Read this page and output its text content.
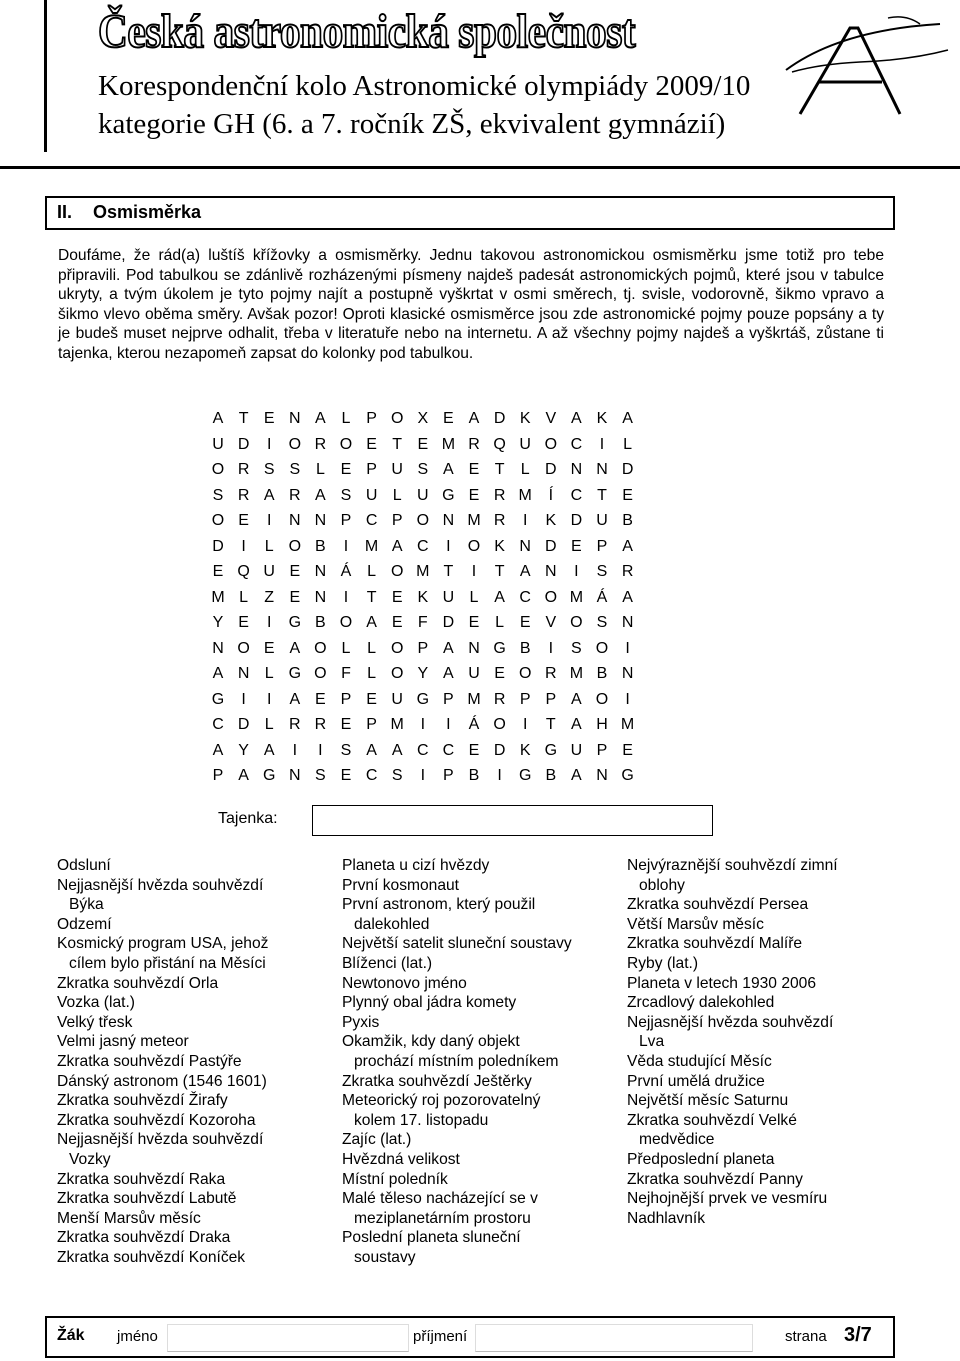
Česká astronomická společnost
Korespondenční kolo Astronomické olympiády 2009/10
kategorie GH (6. a 7. ročník ZŠ, ekvivalent gymnázií)
II. Osmisměrka

Doufáme, že rád(a) luštíš křížovky a osmisměrky. Jednu takovou astronomickou osmisměrku jsme totiž pro tebe připravili. Pod tabulkou se zdánlivě rozházenými písmeny najdeš padesát astronomických pojmů, které jsou v tabulce ukryty, a tvým úkolem je tyto pojmy najít a postupně vyškrtat v osmi směrech, tj. svisle, vodorovně, šikmo vpravo a šikmo vlevo oběma směry. Avšak pozor! Oproti klasické osmisměrce jsou zde astronomické pojmy pouze popsány a ty je budeš muset nejprve odhalit, třeba v literatuře nebo na internetu. A až všechny pojmy najdeš a vyškrtáš, zůstane ti tajenka, kterou nezapomeň zapsat do kolonky pod tabulkou.

A T E N A L P O X E A D K V A K A
U D	I	O R O E T E M R Q U O C	I	L
O R S S L E P U S A E T	L D N N D
S R A R A S U L U G E R M	Í	C T E
O E	I	N N P C P O N M R	I	K D U B
D	I	L O B	I	M A C	I	O K N D E P A
E Q U E N Á L O M T	I	T A N	I	S R
M L	Z E N	I	T E K U L A C O M Á A
Y E	I	G B O A E F D E L E V O S N
N O E A O L	L O P A N G B	I	S O	I
A N L G O F	L O Y A U E O R M B N
G	I	I	A E P E U G P M R P P A O	I
C D L R R E P M	I	I	Á O	I	T A H M
A Y A	I	I	S A A C C E D K G U P E
P A G N S E C S	I	P B	I	G B A N G
Tajenka:
Odsluní
Nejjasnější hvězda souhvězdí
Býka
Odzemí
Kosmický program USA, jehož
cílem bylo přistání na Měsíci
Zkratka souhvězdí Orla
Vozka (lat.)
Velký třesk
Velmi jasný meteor
Zkratka souhvězdí Pastýře
Dánský astronom (1546 1601)
Zkratka souhvězdí Žirafy
Zkratka souhvězdí Kozoroha
Nejjasnější hvězda souhvězdí
Vozky
Zkratka souhvězdí Raka
Zkratka souhvězdí Labutě
Menší Marsův měsíc
Zkratka souhvězdí Draka
Zkratka souhvězdí Koníček
Planeta u cizí hvězdy
První kosmonaut
První astronom, který použil
dalekohled
Největší satelit sluneční soustavy
Blíženci (lat.)
Newtonovo jméno
Plynný obal jádra komety
Pyxis
Okamžik, kdy daný objekt
prochází místním poledníkem
Zkratka souhvězdí Ještěrky
Meteorický roj pozorovatelný
kolem 17. listopadu
Zajíc (lat.)
Hvězdná velikost
Místní poledník
Malé těleso nacházející se v
meziplanetárním prostoru
Poslední planeta sluneční
soustavy
Nejvýraznější souhvězdí zimní
oblohy
Zkratka souhvězdí Persea
Větší Marsův měsíc
Zkratka souhvězdí Malíře
Ryby (lat.)
Planeta v letech 1930 2006
Zrcadlový dalekohled
Nejjasnější hvězda souhvězdí
Lva
Věda studující Měsíc
První umělá družice
Největší měsíc Saturnu
Zkratka souhvězdí Velké
medvědice
Předposlední planeta
Zkratka souhvězdí Panny
Nejhojnější prvek ve vesmíru
Nadhlavník
Žák jméno	příjmení	strana 3/7
